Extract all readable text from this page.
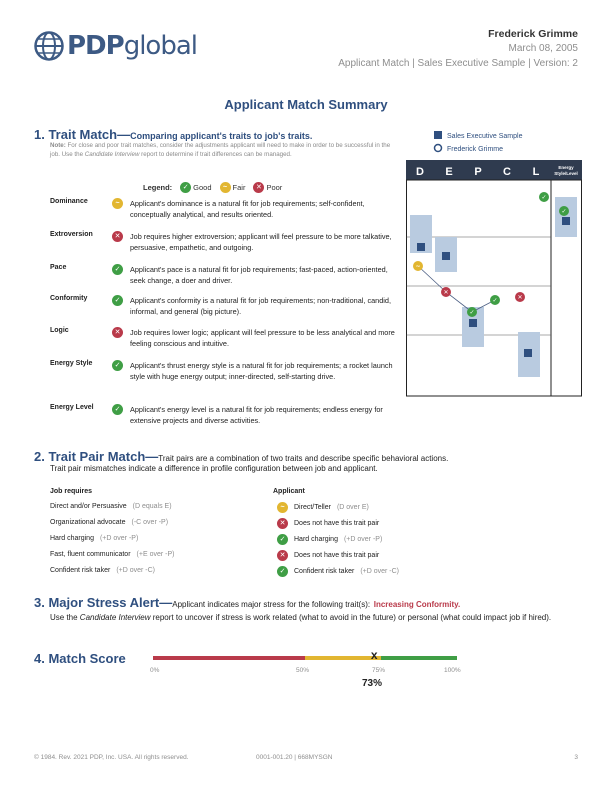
PDP global	Frederick Grimme
March 08, 2005
Applicant Match | Sales Executive Sample | Version: 2
Applicant Match Summary
1. Trait Match—Comparing applicant's traits to job's traits.
Note: For close and poor trait matches, consider the adjustments applicant will need to make in order to be successful in the job. Use the Candidate Interview report to determine if trait differences can be managed.
Legend:	✓ Good	~ Fair	✕ Poor
Dominance	~	Applicant's dominance is a natural fit for job requirements; self-confident, conceptually analytical, and results oriented.
Extroversion	✕	Job requires higher extroversion; applicant will feel pressure to be more talkative, persuasive, empathetic, and outgoing.
Pace	✓	Applicant's pace is a natural fit for job requirements; fast-paced, action-oriented, seek change, a doer and driver.
Conformity	✓	Applicant's conformity is a natural fit for job requirements; non-traditional, candid, informal, and general (big picture).
Logic	✕	Job requires lower logic; applicant will feel pressure to be less analytical and more feeling conscious and intuitive.
Energy Style	✓	Applicant's thrust energy style is a natural fit for job requirements; a rocket launch style with huge energy output; inner-directed, self-starting drive.
Energy Level	✓	Applicant's energy level is a natural fit for job requirements; endless energy for extensive projects and diverse activities.
Sales Executive Sample
Frederick Grimme
D E P C L	Energy
Style/Level
~
✕
✓
✓	✕
✓
✓
2. Trait Pair Match—Trait pairs are a combination of two traits and describe specific behavioral actions.
Trait pair mismatches indicate a difference in profile configuration between job and applicant.
Job requires	Applicant
Direct and/or Persuasive (D equals E)	~	Direct/Teller (D over E)
Organizational advocate (-C over -P)	✕	Does not have this trait pair
Hard charging (+D over -P)	✓	Hard charging (+D over -P)
Fast, fluent communicator (+E over -P)	✕	Does not have this trait pair
Confident risk taker (+D over -C)	✓	Confident risk taker (+D over -C)
3. Major Stress Alert—Applicant indicates major stress for the following trait(s): Increasing Conformity.
Use the Candidate Interview report to uncover if stress is work related (what to avoid in the future) or personal (what could impact job if hired).
4. Match Score	x
0%	50%	75%	100%
73%
© 1984. Rev. 2021 PDP, Inc. USA. All rights reserved.	0001-001.20 | 668MYSGN	3
